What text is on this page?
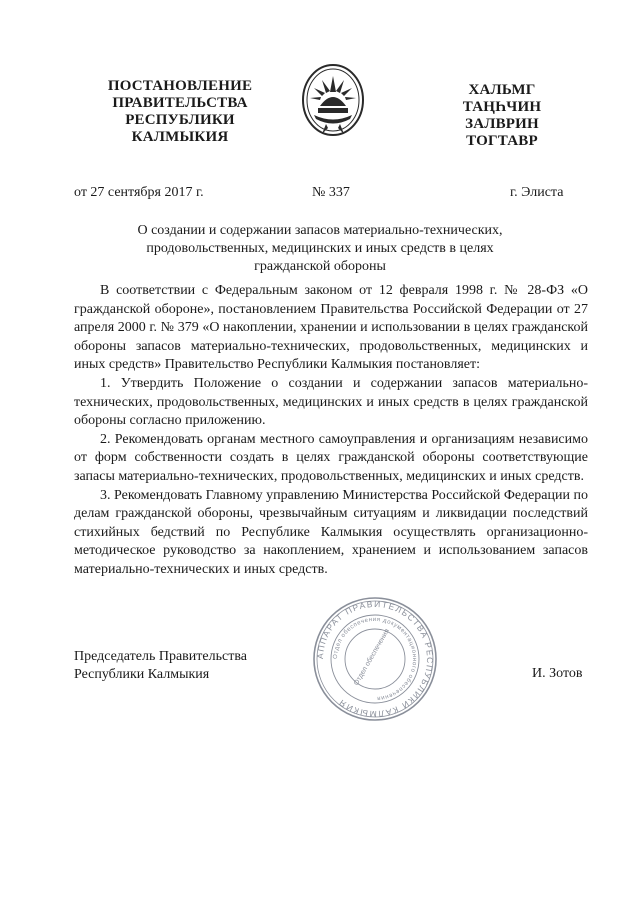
ПОСТАНОВЛЕНИЕ
ПРАВИТЕЛЬСТВА
РЕСПУБЛИКИ
КАЛМЫКИЯ
ХАЛЬМГ
ТАҢҺЧИН
ЗАЛВРИН
ТОГТАВР
от 27 сентября 2017 г.	№ 337	г. Элиста
О создании и содержании запасов материально-технических,
продовольственных, медицинских и иных средств в целях
гражданской обороны

В соответствии с Федеральным законом от 12 февраля 1998 г. № 28-ФЗ «О гражданской обороне», постановлением Правительства Российской Федерации от 27 апреля 2000 г. № 379 «О накоплении, хранении и использовании в целях гражданской обороны запасов материально-технических, продовольственных, медицинских и иных средств» Правительство Республики Калмыкия постановляет:

1. Утвердить Положение о создании и содержании запасов материально- технических, продовольственных, медицинских и иных средств в целях гражданской обороны согласно приложению.

2. Рекомендовать органам местного самоуправления и организациям независимо от форм собственности создать в целях гражданской обороны соответствующие запасы материально-технических, продовольственных, медицинских и иных средств.

3. Рекомендовать Главному управлению Министерства Российской Федерации по делам гражданской обороны, чрезвычайным ситуациям и ликвидации последствий стихийных бедствий по Республике Калмыкия осуществлять организационно-методическое руководство за накоплением, хранением и использованием запасов материально-технических и иных средств.

Председатель Правительства
Республики Калмыкия
АППАРАТ ПРАВИТЕЛЬСТВА РЕСПУБЛИКИ КАЛМЫКИЯ
Отдел обеспечения документационного обеспечения
Отдел обеспечения	И. Зотов
